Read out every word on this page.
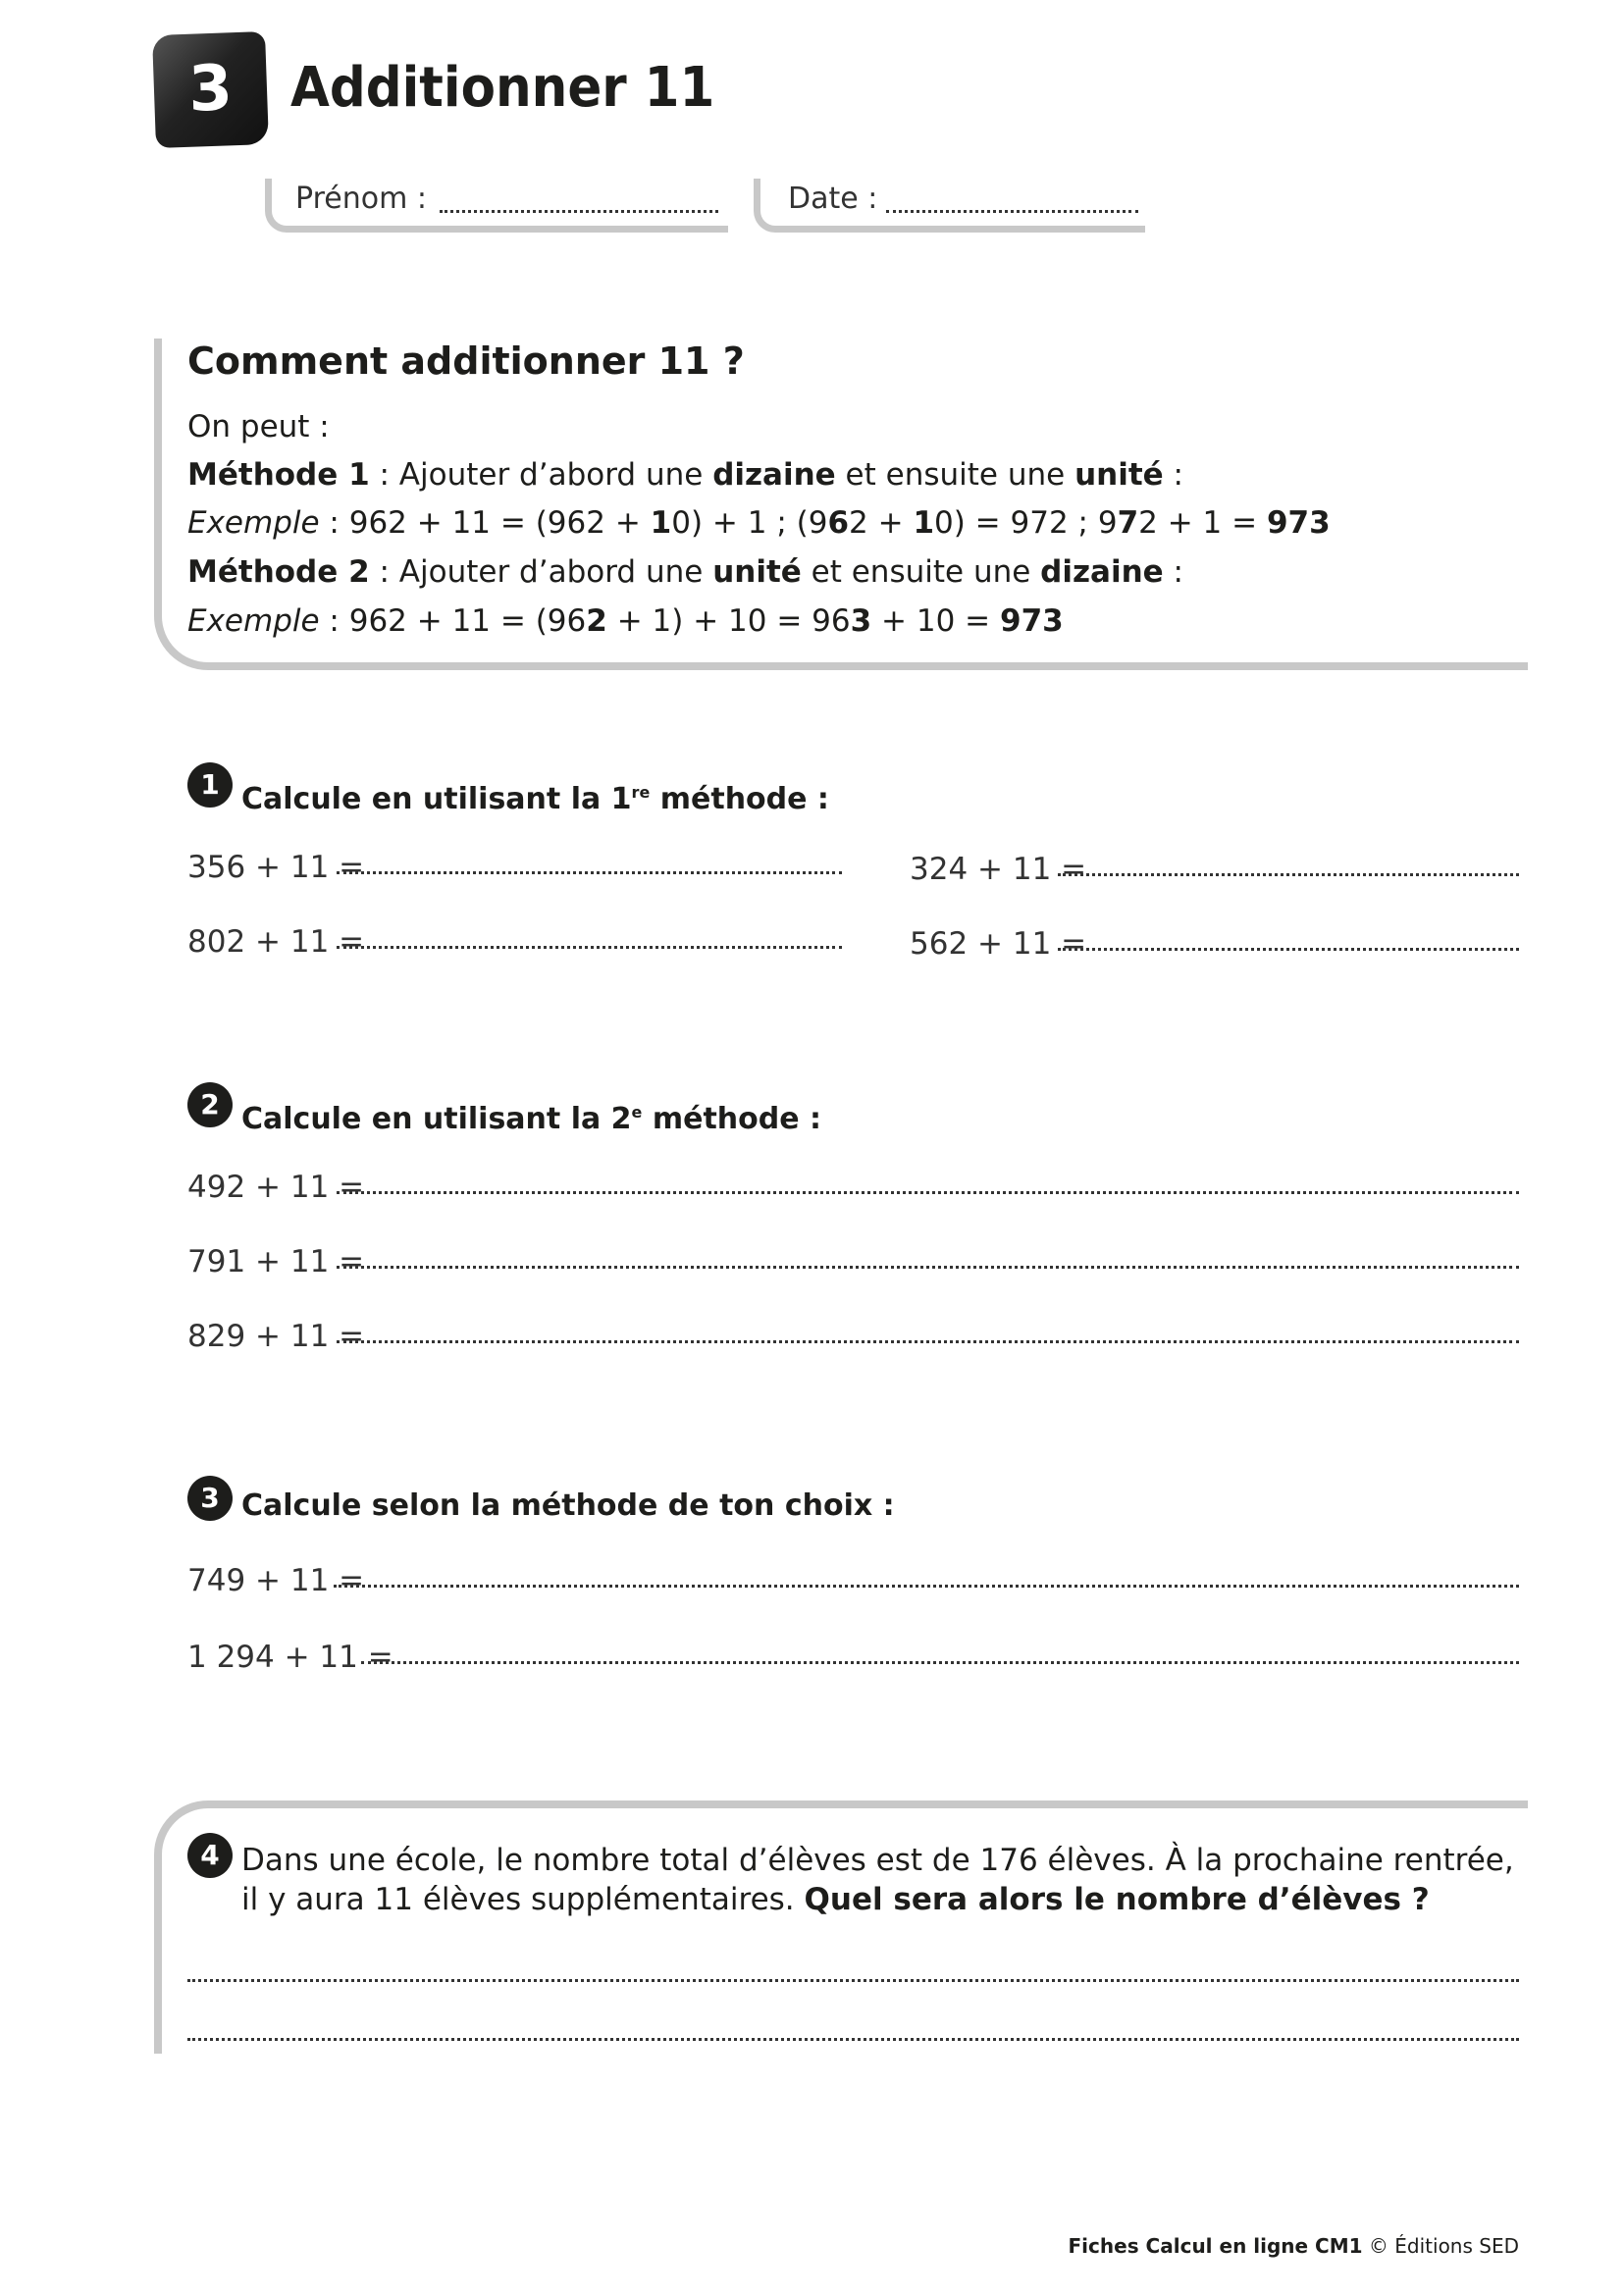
3	Additionner 11
Prénom :	Date :
Comment additionner 11 ?
On peut :
Méthode 1 : Ajouter d’abord une dizaine et ensuite une unité :
Exemple : 962 + 11 = (962 + 10) + 1 ; (962 + 10) = 972 ; 972 + 1 = 973
Méthode 2 : Ajouter d’abord une unité et ensuite une dizaine :
Exemple : 962 + 11 = (962 + 1) + 10 = 963 + 10 = 973
1 Calcule en utilisant la 1re méthode :
356 + 11 =	324 + 11 =
802 + 11 =	562 + 11 =
2 Calcule en utilisant la 2e méthode :
492 + 11 =
791 + 11 =
829 + 11 =
3 Calcule selon la méthode de ton choix :
749 + 11 =
1 294 + 11 =
4 Dans une école, le nombre total d’élèves est de 176 élèves. À la prochaine rentrée, il y aura 11 élèves supplémentaires. Quel sera alors le nombre d’élèves ?
Fiches Calcul en ligne CM1 © Éditions SED
